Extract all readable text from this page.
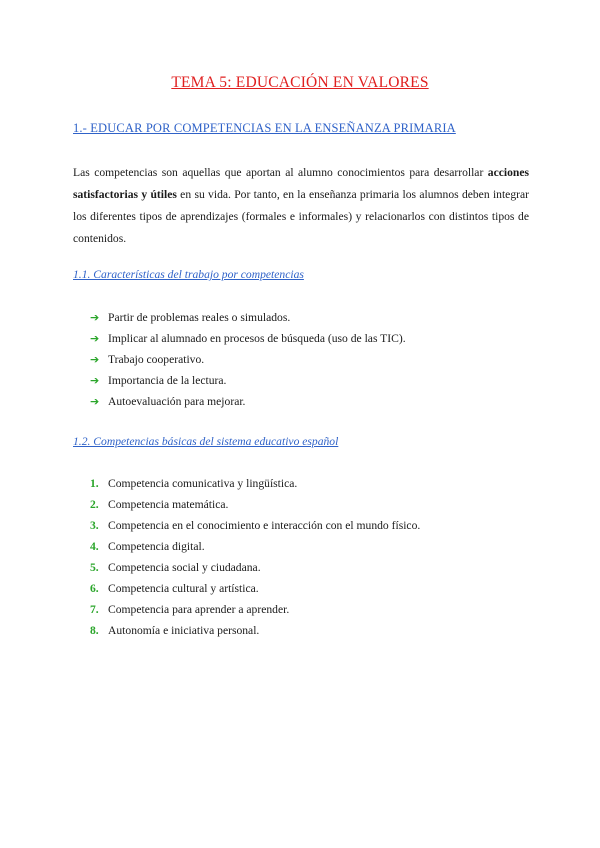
TEMA 5: EDUCACIÓN EN VALORES
1.- EDUCAR POR COMPETENCIAS EN LA ENSEÑANZA PRIMARIA
Las competencias son aquellas que aportan al alumno conocimientos para desarrollar acciones satisfactorias y útiles en su vida. Por tanto, en la enseñanza primaria los alumnos deben integrar los diferentes tipos de aprendizajes (formales e informales) y relacionarlos con distintos tipos de contenidos.
1.1. Características del trabajo por competencias
➔ Partir de problemas reales o simulados.
➔ Implicar al alumnado en procesos de búsqueda (uso de las TIC).
➔ Trabajo cooperativo.
➔ Importancia de la lectura.
➔ Autoevaluación para mejorar.
1.2. Competencias básicas del sistema educativo español
1. Competencia comunicativa y lingüística.
2. Competencia matemática.
3. Competencia en el conocimiento e interacción con el mundo físico.
4. Competencia digital.
5. Competencia social y ciudadana.
6. Competencia cultural y artística.
7. Competencia para aprender a aprender.
8. Autonomía e iniciativa personal.
